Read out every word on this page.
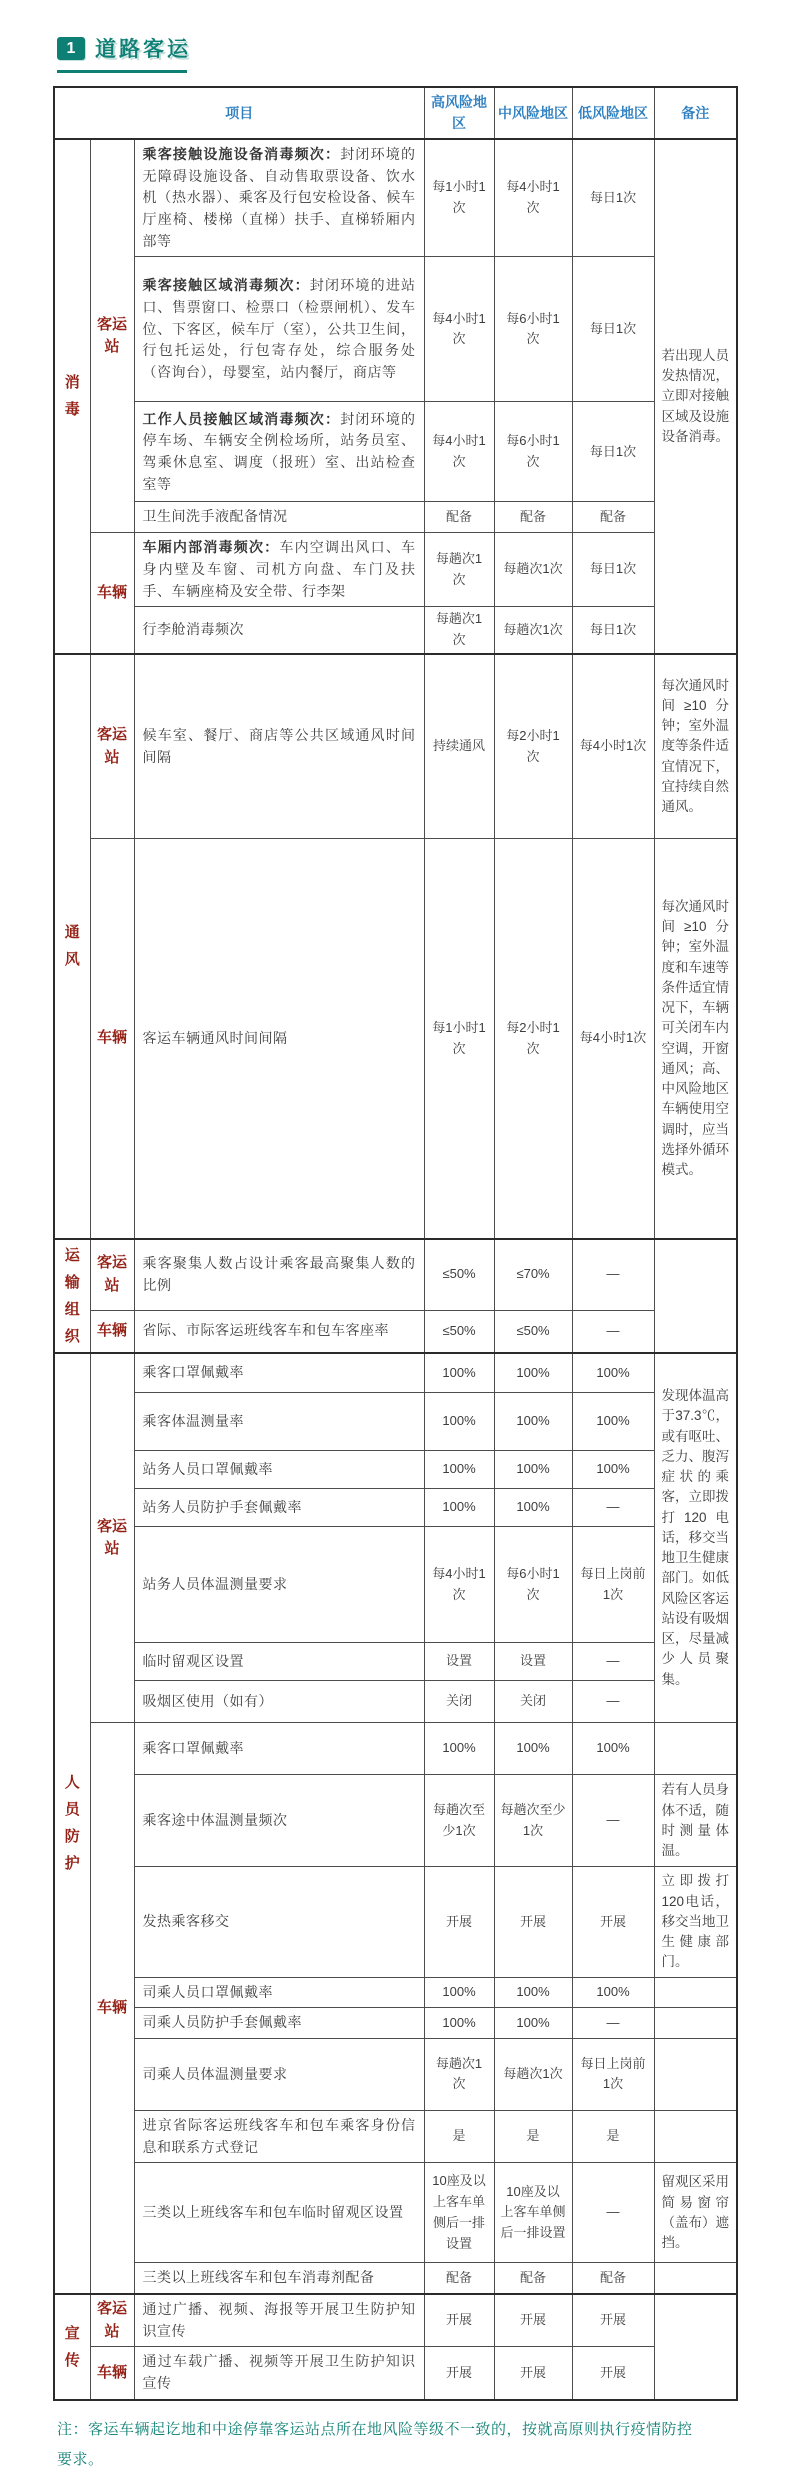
1 道路客运
项目			高风险地区	中风险地区	低风险地区	备注

消毒	客运站	乘客接触设施设备消毒频次：封闭环境的无障碍设施设备、自动售取票设备、饮水机（热水器）、乘客及行包安检设备、候车厅座椅、楼梯（直梯）扶手、直梯轿厢内部等	每1小时1次	每4小时1次	每日1次	若出现人员发热情况，立即对接触区域及设施设备消毒。
		乘客接触区域消毒频次：封闭环境的进站口、售票窗口、检票口（检票闸机）、发车位、下客区，候车厅（室），公共卫生间，行包托运处，行包寄存处，综合服务处（咨询台），母婴室，站内餐厅，商店等	每4小时1次	每6小时1次	每日1次	
		工作人员接触区域消毒频次：封闭环境的停车场、车辆安全例检场所，站务员室、驾乘休息室、调度（报班）室、出站检查室等	每4小时1次	每6小时1次	每日1次	
		卫生间洗手液配备情况	配备	配备	配备	

	车辆	车厢内部消毒频次：车内空调出风口、车身内壁及车窗、司机方向盘、车门及扶手、车辆座椅及安全带、行李架	每趟次1次	每趟次1次	每日1次	
		行李舱消毒频次	每趟次1次	每趟次1次	每日1次	

通风	客运站	候车室、餐厅、商店等公共区域通风时间间隔	持续通风	每2小时1次	每4小时1次	每次通风时间≥10分钟；室外温度等条件适宜情况下，宜持续自然通风。

	车辆	客运车辆通风时间间隔	每1小时1次	每2小时1次	每4小时1次	每次通风时间≥10分钟；室外温度和车速等条件适宜情况下，车辆可关闭车内空调，开窗通风；高、中风险地区车辆使用空调时，应当选择外循环模式。

运输组织	客运站	乘客聚集人数占设计乘客最高聚集人数的比例	≤50%	≤70%	—	

	车辆	省际、市际客运班线客车和包车客座率	≤50%	≤50%	—	

人员防护	客运站	乘客口罩佩戴率	100%	100%	100%	发现体温高于37.3℃，或有呕吐、乏力、腹泻症状的乘客，立即拨打120电话，移交当地卫生健康部门。如低风险区客运站设有吸烟区，尽量减少人员聚集。
		乘客体温测量率	100%	100%	100%	
		站务人员口罩佩戴率	100%	100%	100%	
		站务人员防护手套佩戴率	100%	100%	—	
		站务人员体温测量要求	每4小时1次	每6小时1次	每日上岗前1次	
		临时留观区设置	设置	设置	—	
		吸烟区使用（如有）	关闭	关闭	—	

	车辆	乘客口罩佩戴率	100%	100%	100%	
		乘客途中体温测量频次	每趟次至少1次	每趟次至少1次	—	若有人员身体不适，随时测量体温。
		发热乘客移交	开展	开展	开展	立即拨打120电话，移交当地卫生健康部门。
		司乘人员口罩佩戴率	100%	100%	100%	
		司乘人员防护手套佩戴率	100%	100%	—	
		司乘人员体温测量要求	每趟次1次	每趟次1次	每日上岗前1次	
		进京省际客运班线客车和包车乘客身份信息和联系方式登记	是	是	是	
		三类以上班线客车和包车临时留观区设置	10座及以上客车单侧后一排设置	10座及以上客车单侧后一排设置	—	留观区采用简易窗帘（盖布）遮挡。
		三类以上班线客车和包车消毒剂配备	配备	配备	配备	

宣传	客运站	通过广播、视频、海报等开展卫生防护知识宣传	开展	开展	开展	

	车辆	通过车载广播、视频等开展卫生防护知识宣传	开展	开展	开展	
注：客运车辆起讫地和中途停靠客运站点所在地风险等级不一致的，按就高原则执行疫情防控要求。
